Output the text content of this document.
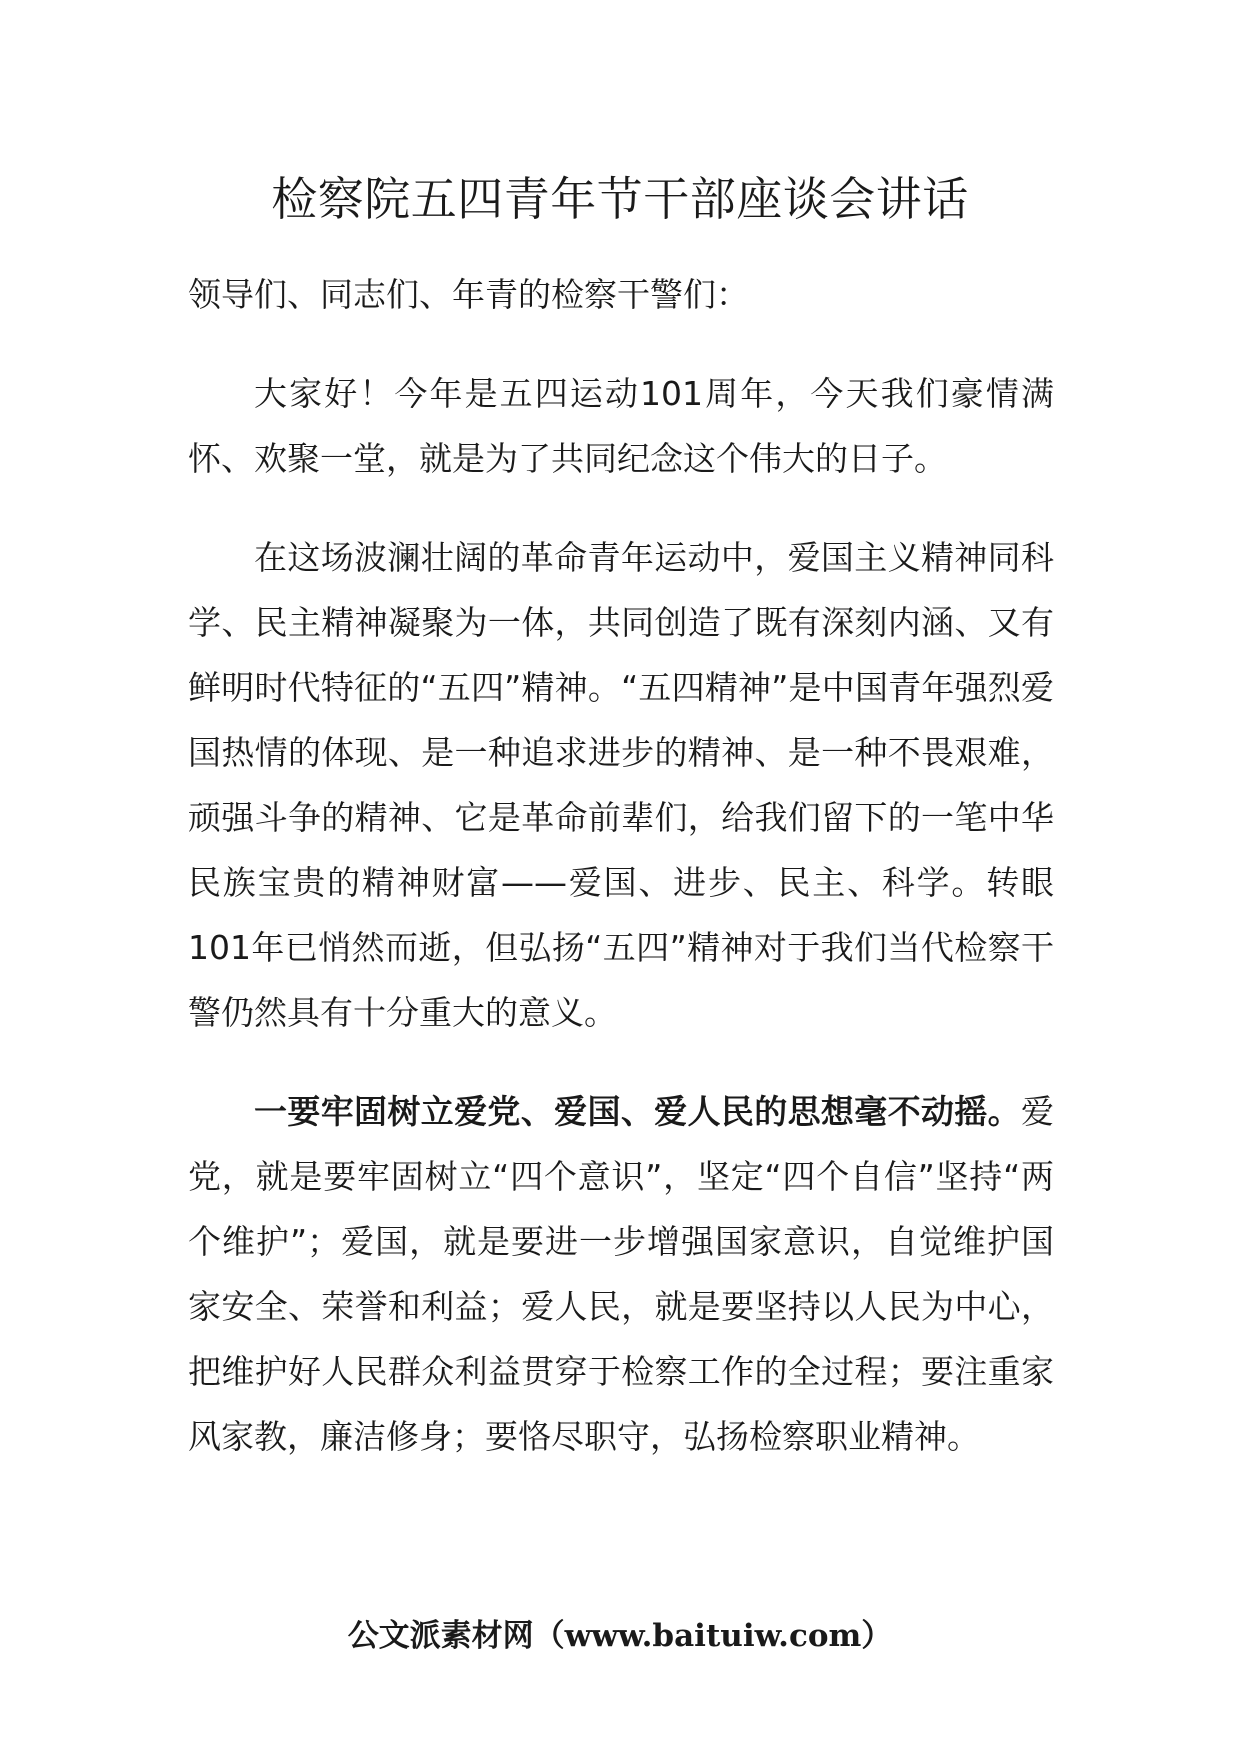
检察院五四青年节干部座谈会讲话

领导们、同志们、年青的检察干警们：

大家好！今年是五四运动101周年，今天我们豪情满怀、欢聚一堂，就是为了共同纪念这个伟大的日子。

在这场波澜壮阔的革命青年运动中，爱国主义精神同科学、民主精神凝聚为一体，共同创造了既有深刻内涵、又有鲜明时代特征的“五四”精神。“五四精神”是中国青年强烈爱国热情的体现、是一种追求进步的精神、是一种不畏艰难，顽强斗争的精神、它是革命前辈们，给我们留下的一笔中华民族宝贵的精神财富——爱国、进步、民主、科学。转眼101年已悄然而逝，但弘扬“五四”精神对于我们当代检察干警仍然具有十分重大的意义。

一要牢固树立爱党、爱国、爱人民的思想毫不动摇。爱党，就是要牢固树立“四个意识”，坚定“四个自信”坚持“两个维护”；爱国，就是要进一步增强国家意识，自觉维护国家安全、荣誉和利益；爱人民，就是要坚持以人民为中心，把维护好人民群众利益贯穿于检察工作的全过程；要注重家风家教，廉洁修身；要恪尽职守，弘扬检察职业精神。

公文派素材网（www.baituiw.com）
